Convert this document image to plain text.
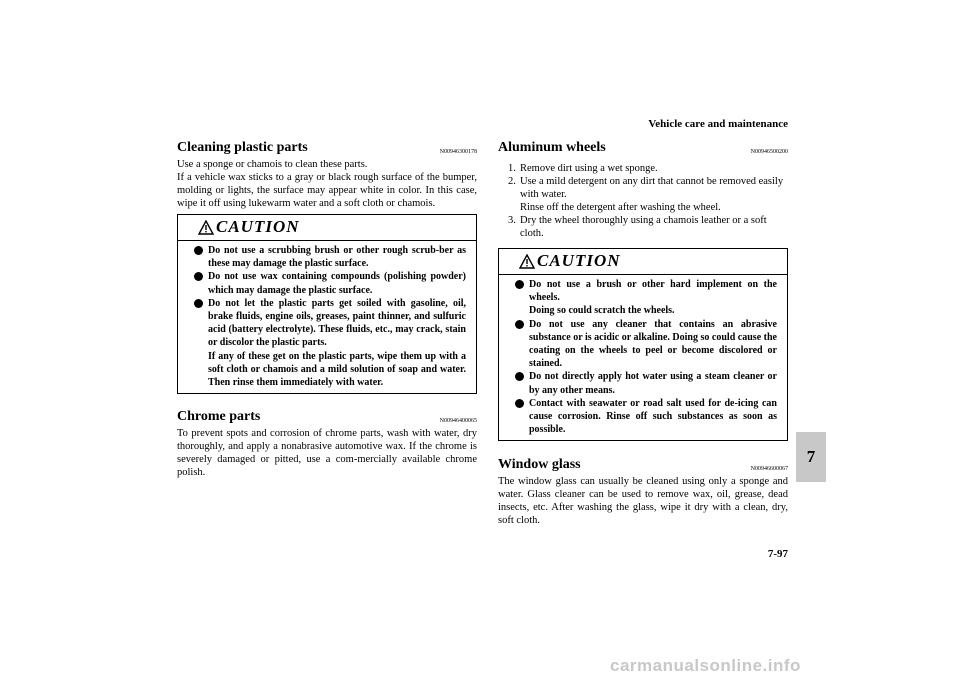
Vehicle care and maintenance
7
Cleaning plastic parts	N00946300178
Use a sponge or chamois to clean these parts.
If a vehicle wax sticks to a gray or black rough surface of the bumper, molding or lights, the surface may appear white in color. In this case, wipe it off using lukewarm water and a soft cloth or chamois.
CAUTION
Do not use a scrubbing brush or other rough scrub-ber as these may damage the plastic surface.
Do not use wax containing compounds (polishing powder) which may damage the plastic surface.
Do not let the plastic parts get soiled with gasoline, oil, brake fluids, engine oils, greases, paint thinner, and sulfuric acid (battery electrolyte). These fluids, etc., may crack, stain or discolor the plastic parts.
If any of these get on the plastic parts, wipe them up with a soft cloth or chamois and a mild solution of soap and water. Then rinse them immediately with water.
Chrome parts	N00946400065
To prevent spots and corrosion of chrome parts, wash with water, dry thoroughly, and apply a nonabrasive automotive wax. If the chrome is severely damaged or pitted, use a com-mercially available chrome polish.
Aluminum wheels	N00946500200
1. Remove dirt using a wet sponge.
2. Use a mild detergent on any dirt that cannot be removed easily with water.
Rinse off the detergent after washing the wheel.
3. Dry the wheel thoroughly using a chamois leather or a soft cloth.
CAUTION
Do not use a brush or other hard implement on the wheels.
Doing so could scratch the wheels.
Do not use any cleaner that contains an abrasive substance or is acidic or alkaline. Doing so could cause the coating on the wheels to peel or become discolored or stained.
Do not directly apply hot water using a steam cleaner or by any other means.
Contact with seawater or road salt used for de-icing can cause corrosion. Rinse off such substances as soon as possible.
Window glass	N00946600067
The window glass can usually be cleaned using only a sponge and water. Glass cleaner can be used to remove wax, oil, grease, dead insects, etc. After washing the glass, wipe it dry with a clean, dry, soft cloth.
7-97
carmanualsonline.info
